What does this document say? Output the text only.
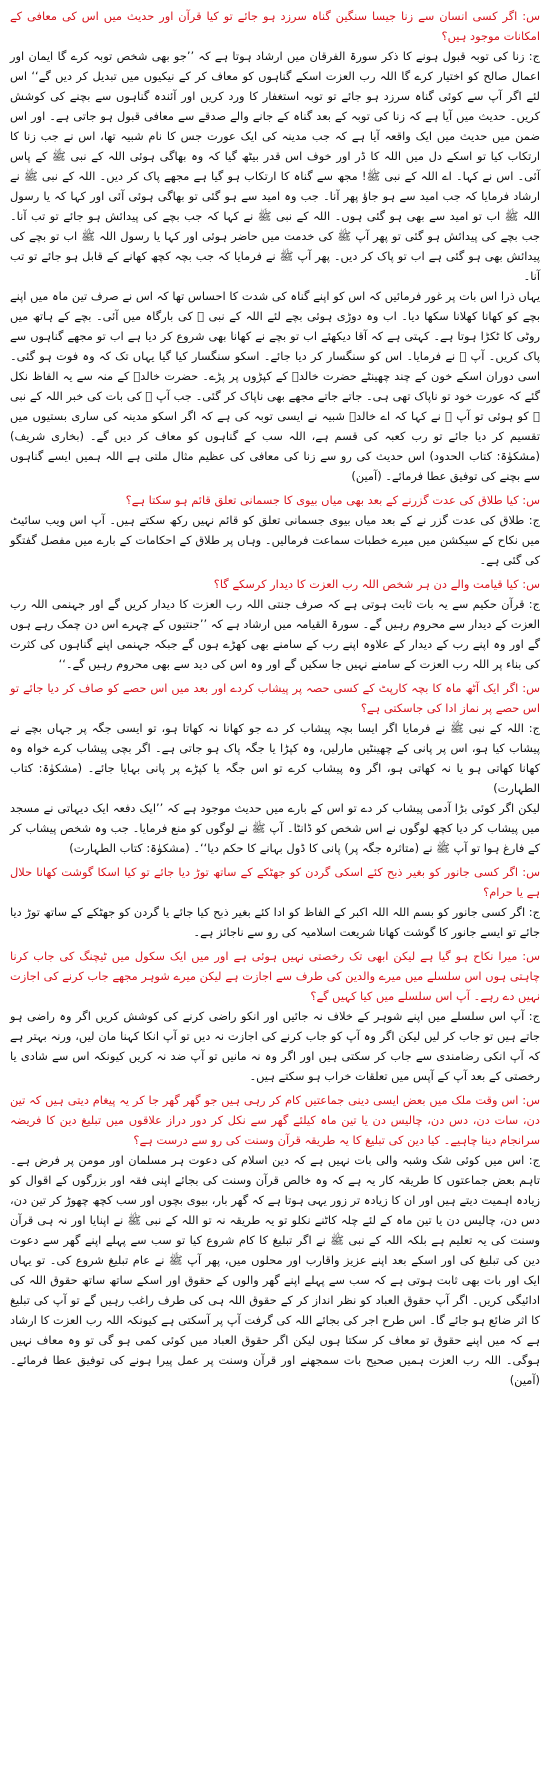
س: اگر کسی انسان سے زنا جیسا سنگین گناہ سرزد ہو جائے تو کیا قرآن اور حدیث میں اس کی معافی کے امکانات موجود ہیں؟
ج: زنا کی توبہ قبول ہونے کا ذکر سورۃ الفرقان میں ارشاد ہوتا ہے کہ ’’جو بھی شخص توبہ کرے گا ایمان اور اعمال صالح کو اختیار کرے گا اللہ رب العزت اسکے گناہوں کو معاف کر کے نیکیوں میں تبدیل کر دیں گے‘‘ اس لئے اگر آپ سے کوئی گناہ سرزد ہو جائے تو توبہ استغفار کا ورد کریں اور آئندہ گناہوں سے بچنے کی کوشش کریں۔ حدیث میں آیا ہے کہ زنا کی توبہ کے بعد گناہ کے جانے والے صدقے سے معافی قبول ہو جاتی ہے۔ اور اس ضمن میں حدیث میں ایک واقعہ آیا ہے کہ جب مدینہ کی ایک عورت جس کا نام شبیہ تھا، اس نے جب زنا کا ارتکاب کیا تو اسکے دل میں اللہ کا ڈر اور خوف اس قدر بیٹھ گیا کہ وہ بھاگی ہوئی اللہ کے نبی ﷺ کے پاس آئی۔ اس نے کہا۔ اے اللہ کے نبی ﷺ! مجھ سے گناہ کا ارتکاب ہو گیا ہے مجھے پاک کر دیں۔ اللہ کے نبی ﷺ نے ارشاد فرمایا کہ جب امید سے ہو جاؤ پھر آنا۔ جب وہ امید سے ہو گئی تو بھاگی ہوئی آئی اور کہا کہ یا رسول اللہ ﷺ اب تو امید سے بھی ہو گئی ہوں۔ اللہ کے نبی ﷺ نے کہا کہ جب بچے کی پیدائش ہو جائے تو تب آنا۔ جب بچے کی پیدائش ہو گئی تو پھر آپ ﷺ کی خدمت میں حاضر ہوئی اور کہا یا رسول اللہ ﷺ اب تو بچے کی پیدائش بھی ہو گئی ہے اب تو پاک کر دیں۔ پھر آپ ﷺ نے فرمایا کہ جب بچہ کچھ کھانے کے قابل ہو جائے تو تب آنا۔
یہاں ذرا اس بات پر غور فرمائیں کہ اس کو اپنے گناہ کی شدت کا احساس تھا کہ اس نے صرف تین ماہ میں اپنے بچے کو کھانا کھلانا سکھا دیا۔ اب وہ دوڑی ہوئی بچے لئے اللہ کے نبی ﷺ کی بارگاہ میں آئی۔ بچے کے ہاتھ میں روٹی کا ٹکڑا ہوتا ہے۔ کہتی ہے کہ آقا دیکھئے اب تو بچے نے کھانا بھی شروع کر دیا ہے اب تو مجھے گناہوں سے پاک کریں۔ آپ ﷺ نے فرمایا۔ اس کو سنگسار کر دیا جائے۔ اسکو سنگسار کیا گیا یہاں تک کہ وہ فوت ہو گئی۔ اسی دوران اسکے خون کے چند چھینٹے حضرت خالدؓ کے کپڑوں پر پڑے۔ حضرت خالدؓ کے منہ سے یہ الفاظ نکل گئے کہ عورت خود تو ناپاک تھی ہی۔ جاتے جاتے مجھے بھی ناپاک کر گئی۔ جب آپ ﷺ کی بات کی خبر اللہ کے نبی ﷺ کو ہوئی تو آپ ﷺ نے کہا کہ اے خالدؓ شبیہ نے ایسی توبہ کی ہے کہ اگر اسکو مدینہ کی ساری بستیوں میں تقسیم کر دیا جائے تو رب کعبہ کی قسم ہے، اللہ سب کے گناہوں کو معاف کر دیں گے۔ (بخاری شریف) (مشکوٰۃ: کتاب الحدود) اس حدیث کی رو سے زنا کی معافی کی عظیم مثال ملتی ہے اللہ ہمیں ایسے گناہوں سے بچنے کی توفیق عطا فرمائے۔ (آمین)
س: کیا طلاق کی عدت گزرنے کے بعد بھی میاں بیوی کا جسمانی تعلق قائم ہو سکتا ہے؟
ج: طلاق کی عدت گزر نے کے بعد میاں بیوی جسمانی تعلق کو قائم نہیں رکھ سکتے ہیں۔ آپ اس ویب سائیٹ میں نکاح کے سیکشن میں میرے خطبات سماعت فرمالیں۔ وہاں پر طلاق کے احکامات کے بارے میں مفصل گفتگو کی گئی ہے۔
س: کیا قیامت والے دن ہر شخص اللہ رب العزت کا دیدار کرسکے گا؟
ج: قرآن حکیم سے یہ بات ثابت ہوتی ہے کہ صرف جنتی اللہ رب العزت کا دیدار کریں گے اور جہنمی اللہ رب العزت کے دیدار سے محروم رہیں گے۔ سورۃ القیامہ میں ارشاد ہے کہ ’’جنتیوں کے چہرے اس دن چمک رہے ہوں گے اور وہ اپنے رب کے دیدار کے علاوہ اپنے رب کے سامنے بھی کھڑے ہوں گے جبکہ جہنمی اپنے گناہوں کی کثرت کی بناء پر اللہ رب العزت کے سامنے نہیں جا سکیں گے اور وہ اس کی دید سے بھی محروم رہیں گے۔‘‘
س: اگر ایک آٹھ ماہ کا بچہ کارپٹ کے کسی حصہ پر پیشاب کردے اور بعد میں اس حصے کو صاف کر دیا جائے تو اس حصے پر نماز ادا کی جاسکتی ہے؟
ج: اللہ کے نبی ﷺ نے فرمایا اگر ایسا بچہ پیشاب کر دے جو کھانا نہ کھاتا ہو، تو ایسی جگہ پر جہاں بچے نے پیشاب کیا ہو، اس پر پانی کے چھینٹیں مارلیں، وہ کپڑا یا جگہ پاک ہو جاتی ہے۔ اگر بچی پیشاب کرے خواہ وہ کھانا کھاتی ہو یا نہ کھاتی ہو، اگر وہ پیشاب کرے تو اس جگہ یا کپڑے پر پانی بہایا جائے۔ (مشکوٰۃ: کتاب الطہارت)
لیکن اگر کوئی بڑا آدمی پیشاب کر دے تو اس کے بارے میں حدیث موجود ہے کہ ’’ایک دفعہ ایک دیہاتی نے مسجد میں پیشاب کر دیا کچھ لوگوں نے اس شخص کو ڈانٹا۔ آپ ﷺ نے لوگوں کو منع فرمایا۔ جب وہ شخص پیشاب کر کے فارغ ہوا تو آپ ﷺ نے (متاثرہ جگہ پر) پانی کا ڈول بہانے کا حکم دیا‘‘۔ (مشکوٰۃ: کتاب الطہارت)
س: اگر کسی جانور کو بغیر ذبح کئے اسکی گردن کو جھٹکے کے ساتھ توڑ دیا جائے تو کیا اسکا گوشت کھانا حلال ہے یا حرام؟
ج: اگر کسی جانور کو بسم اللہ اللہ اکبر کے الفاظ کو ادا کئے بغیر ذبح کیا جائے یا گردن کو جھٹکے کے ساتھ توڑ دیا جائے تو ایسے جانور کا گوشت کھانا شریعت اسلامیہ کی رو سے ناجائز ہے۔
س: میرا نکاح ہو گیا ہے لیکن ابھی تک رخصتی نہیں ہوئی ہے اور میں ایک سکول میں ٹیچنگ کی جاب کرنا چاہتی ہوں اس سلسلے میں میرے والدین کی طرف سے اجازت ہے لیکن میرے شوہر مجھے جاب کرنے کی اجازت نہیں دے رہے۔ آپ اس سلسلے میں کیا کہیں گے؟
ج: آپ اس سلسلے میں اپنے شوہر کے خلاف نہ جائیں اور انکو راضی کرنے کی کوشش کریں اگر وہ راضی ہو جاتے ہیں تو جاب کر لیں لیکن اگر وہ آپ کو جاب کرنے کی اجازت نہ دیں تو آپ انکا کہنا مان لیں، ورنہ بہتر ہے کہ آپ انکی رضامندی سے جاب کر سکتی ہیں اور اگر وہ نہ مانیں تو آپ ضد نہ کریں کیونکہ اس سے شادی یا رخصتی کے بعد آپ کے آپس میں تعلقات خراب ہو سکتے ہیں۔
س: اس وقت ملک میں بعض ایسی دینی جماعتیں کام کر رہی ہیں جو گھر گھر جا کر یہ پیغام دیتی ہیں کہ تین دن، سات دن، دس دن، چالیس دن یا تین ماہ کیلئے گھر سے نکل کر دور دراز علاقوں میں تبلیغ دین کا فریضہ سرانجام دینا چاہیے۔ کیا دین کی تبلیغ کا یہ طریقہ قرآن وسنت کی رو سے درست ہے؟
ج: اس میں کوئی شک وشبہ والی بات نہیں ہے کہ دین اسلام کی دعوت ہر مسلمان اور مومن پر فرض ہے۔ تاہم بعض جماعتوں کا طریقہ کار یہ ہے کہ وہ خالص قرآن وسنت کی بجائے اپنی فقہ اور بزرگوں کے اقوال کو زیادہ اہمیت دیتے ہیں اور ان کا زیادہ تر زور یہی ہوتا ہے کہ گھر بار، بیوی بچوں اور سب کچھ چھوڑ کر تین دن، دس دن، چالیس دن یا تین ماہ کے لئے چلہ کاٹنے نکلو تو یہ طریقہ نہ تو اللہ کے نبی ﷺ نے اپنایا اور نہ ہی قرآن وسنت کی یہ تعلیم ہے بلکہ اللہ کے نبی ﷺ نے اگر تبلیغ کا کام شروع کیا تو سب سے پہلے اپنے گھر سے دعوت دین کی تبلیغ کی اور اسکے بعد اپنے عزیز واقارب اور محلوں میں، پھر آپ ﷺ نے عام تبلیغ شروع کی۔ تو یہاں ایک اور بات بھی ثابت ہوتی ہے کہ سب سے پہلے اپنے گھر والوں کے حقوق اور اسکے ساتھ ساتھ حقوق اللہ کی ادائیگی کریں۔ اگر آپ حقوق العباد کو نظر انداز کر کے حقوق اللہ ہی کی طرف راغب رہیں گے تو آپ کی تبلیغ کا اثر ضائع ہو جائے گا۔ اس طرح اجر کی بجائے اللہ کی گرفت آپ پر آسکتی ہے کیونکہ اللہ رب العزت کا ارشاد ہے کہ میں اپنے حقوق تو معاف کر سکتا ہوں لیکن اگر حقوق العباد میں کوئی کمی ہو گی تو وہ معاف نہیں ہوگی۔ اللہ رب العزت ہمیں صحیح بات سمجھنے اور قرآن وسنت پر عمل پیرا ہونے کی توفیق عطا فرمائے۔ (آمین)
